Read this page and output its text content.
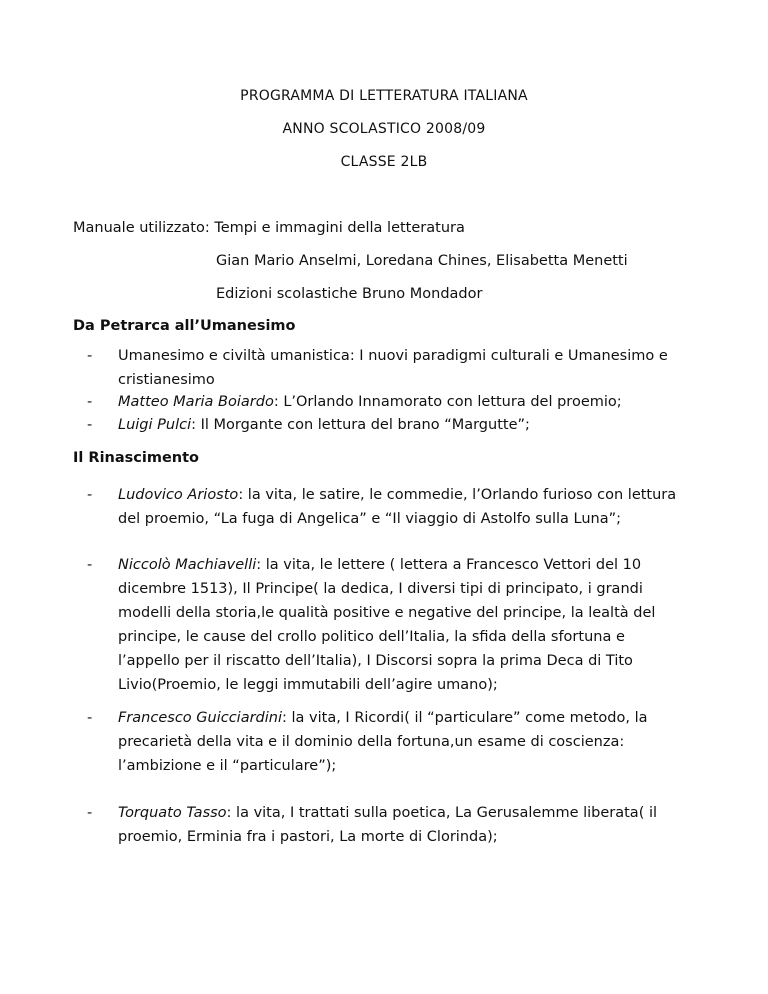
PROGRAMMA DI LETTERATURA ITALIANA
ANNO SCOLASTICO 2008/09
CLASSE 2LB
Manuale utilizzato: Tempi e immagini della letteratura
Gian Mario Anselmi, Loredana Chines, Elisabetta Menetti
Edizioni scolastiche Bruno Mondador
Da Petrarca all’Umanesimo
-	Umanesimo e civiltà umanistica: I nuovi paradigmi culturali e Umanesimo e cristianesimo
-	Matteo Maria Boiardo: L’Orlando Innamorato con lettura del proemio;
-	Luigi Pulci: Il Morgante con lettura del brano “Margutte”;
Il Rinascimento
-	Ludovico Ariosto: la vita, le satire, le commedie, l’Orlando furioso con lettura del proemio, “La fuga di Angelica” e “Il viaggio di Astolfo sulla Luna”;
-	Niccolò Machiavelli: la vita, le lettere ( lettera a Francesco Vettori del 10 dicembre 1513), Il Principe( la dedica, I diversi tipi di principato, i grandi modelli della storia,le qualità positive e negative del principe, la lealtà del principe, le cause del crollo politico dell’Italia, la sfida della sfortuna e l’appello per il riscatto dell’Italia), I Discorsi sopra la prima Deca di Tito Livio(Proemio, le leggi immutabili dell’agire umano);
-	Francesco Guicciardini: la vita, I Ricordi( il “particulare” come metodo, la precarietà della vita e il dominio della fortuna,un esame di coscienza: l’ambizione e il “particulare”);
-	Torquato Tasso: la vita, I trattati sulla poetica, La Gerusalemme liberata( il proemio, Erminia fra i pastori, La morte di Clorinda);
